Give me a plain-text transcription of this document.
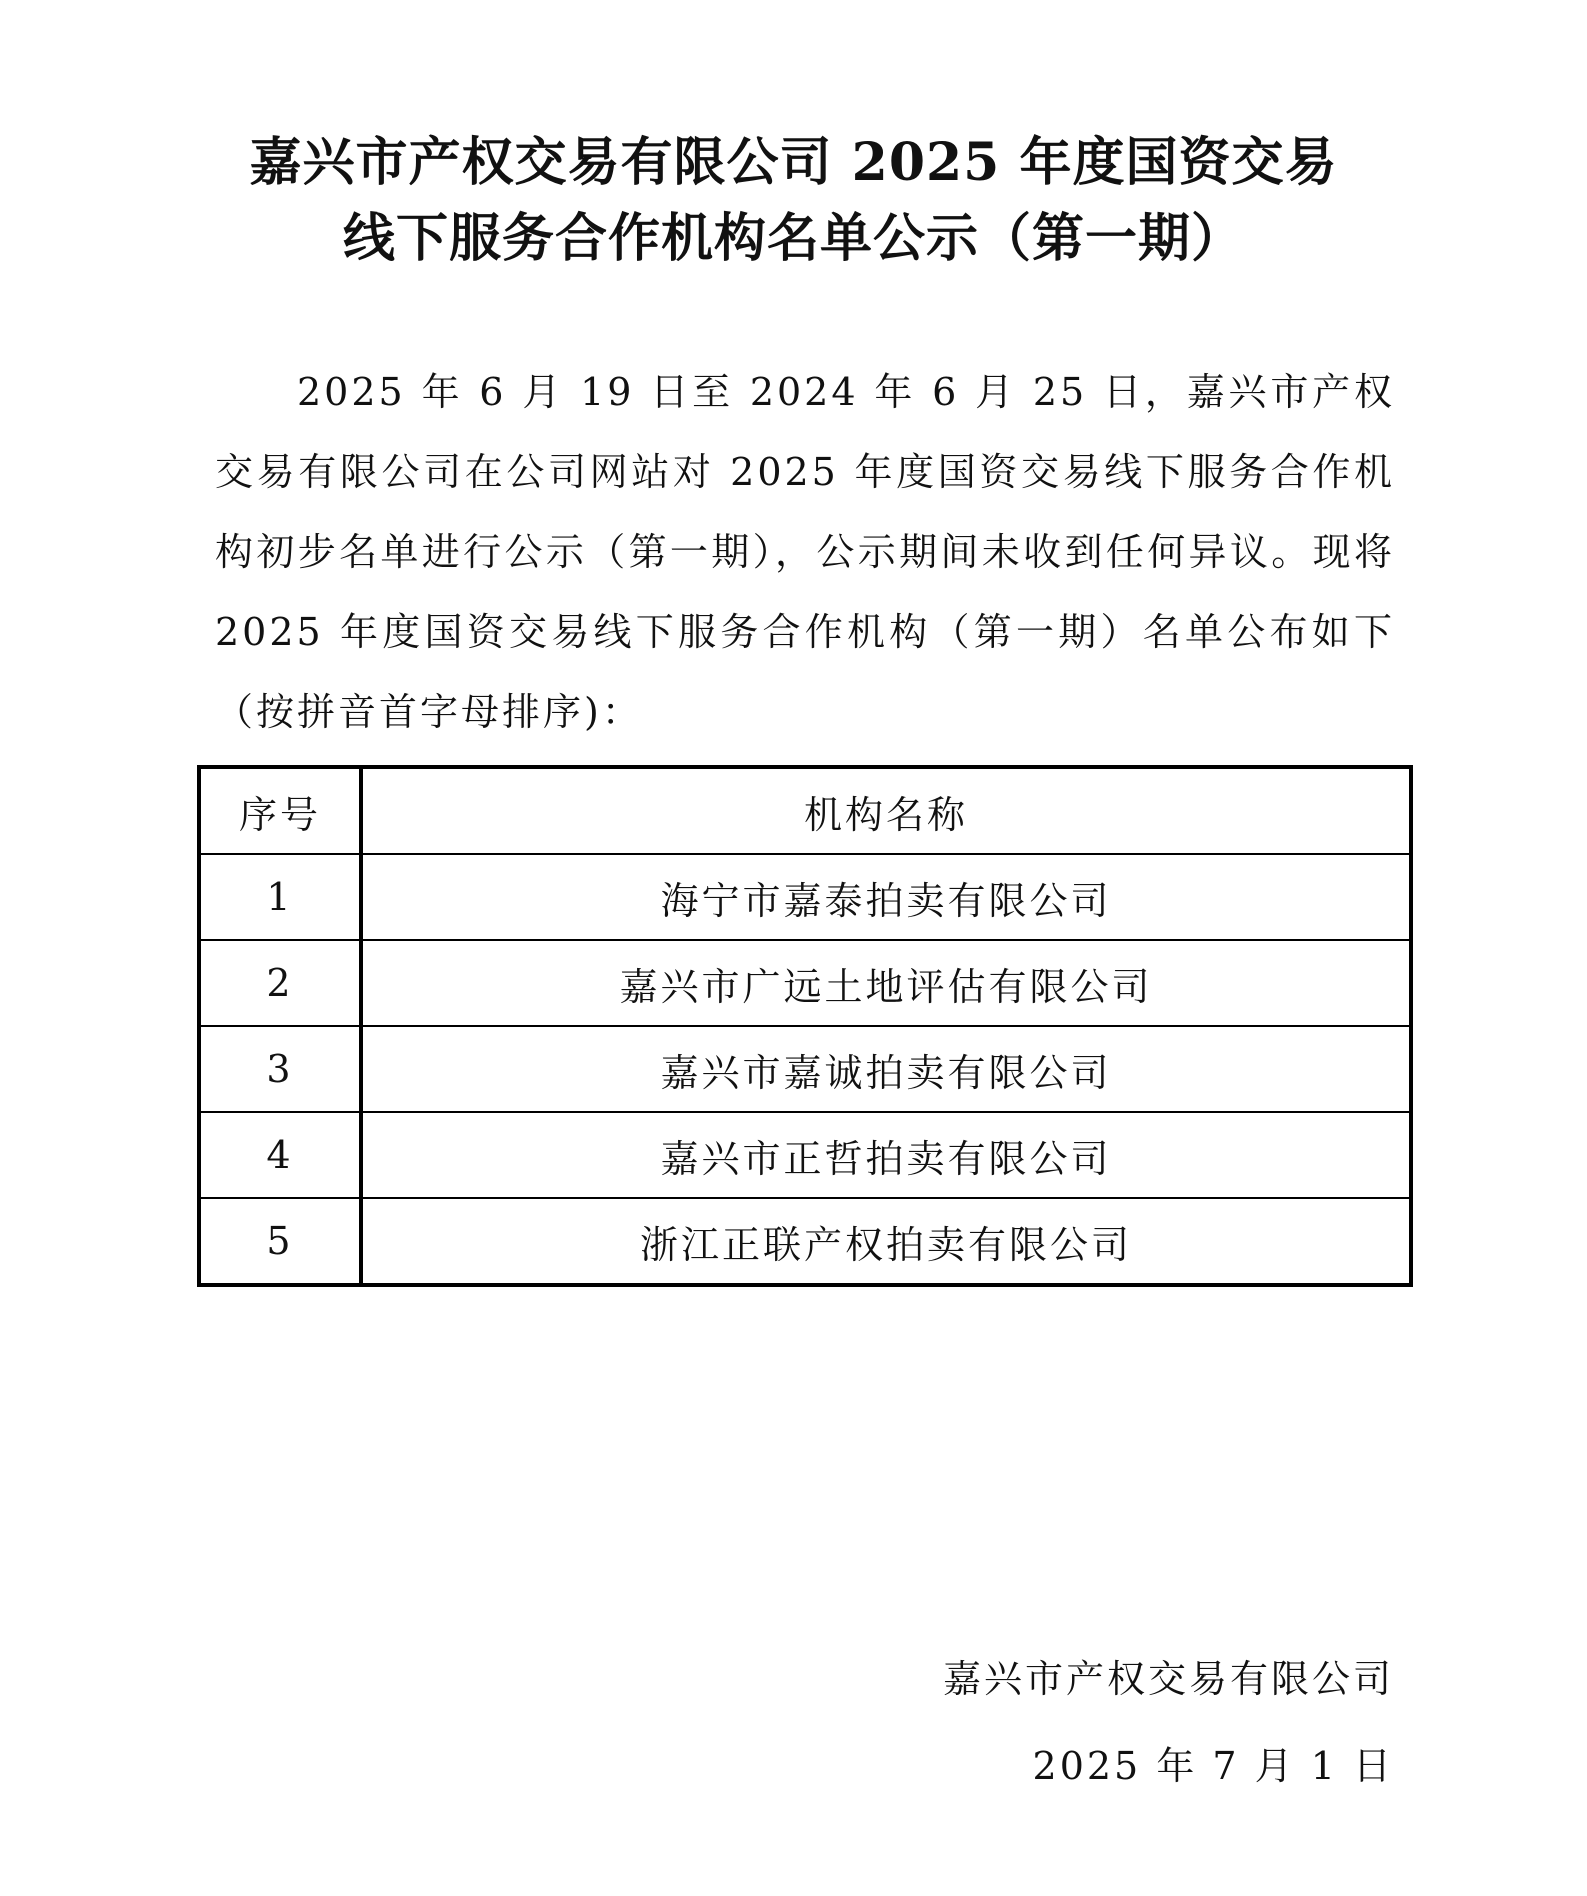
嘉兴市产权交易有限公司 2025 年度国资交易
线下服务合作机构名单公示（第一期）
2025 年 6 月 19 日至 2024 年 6 月 25 日，嘉兴市产权交易有限公司在公司网站对 2025 年度国资交易线下服务合作机构初步名单进行公示（第一期），公示期间未收到任何异议。现将 2025 年度国资交易线下服务合作机构（第一期）名单公布如下（按拼音首字母排序)：
序号	机构名称
1	海宁市嘉泰拍卖有限公司
2	嘉兴市广远土地评估有限公司
3	嘉兴市嘉诚拍卖有限公司
4	嘉兴市正哲拍卖有限公司
5	浙江正联产权拍卖有限公司
嘉兴市产权交易有限公司
2025 年 7 月 1 日
